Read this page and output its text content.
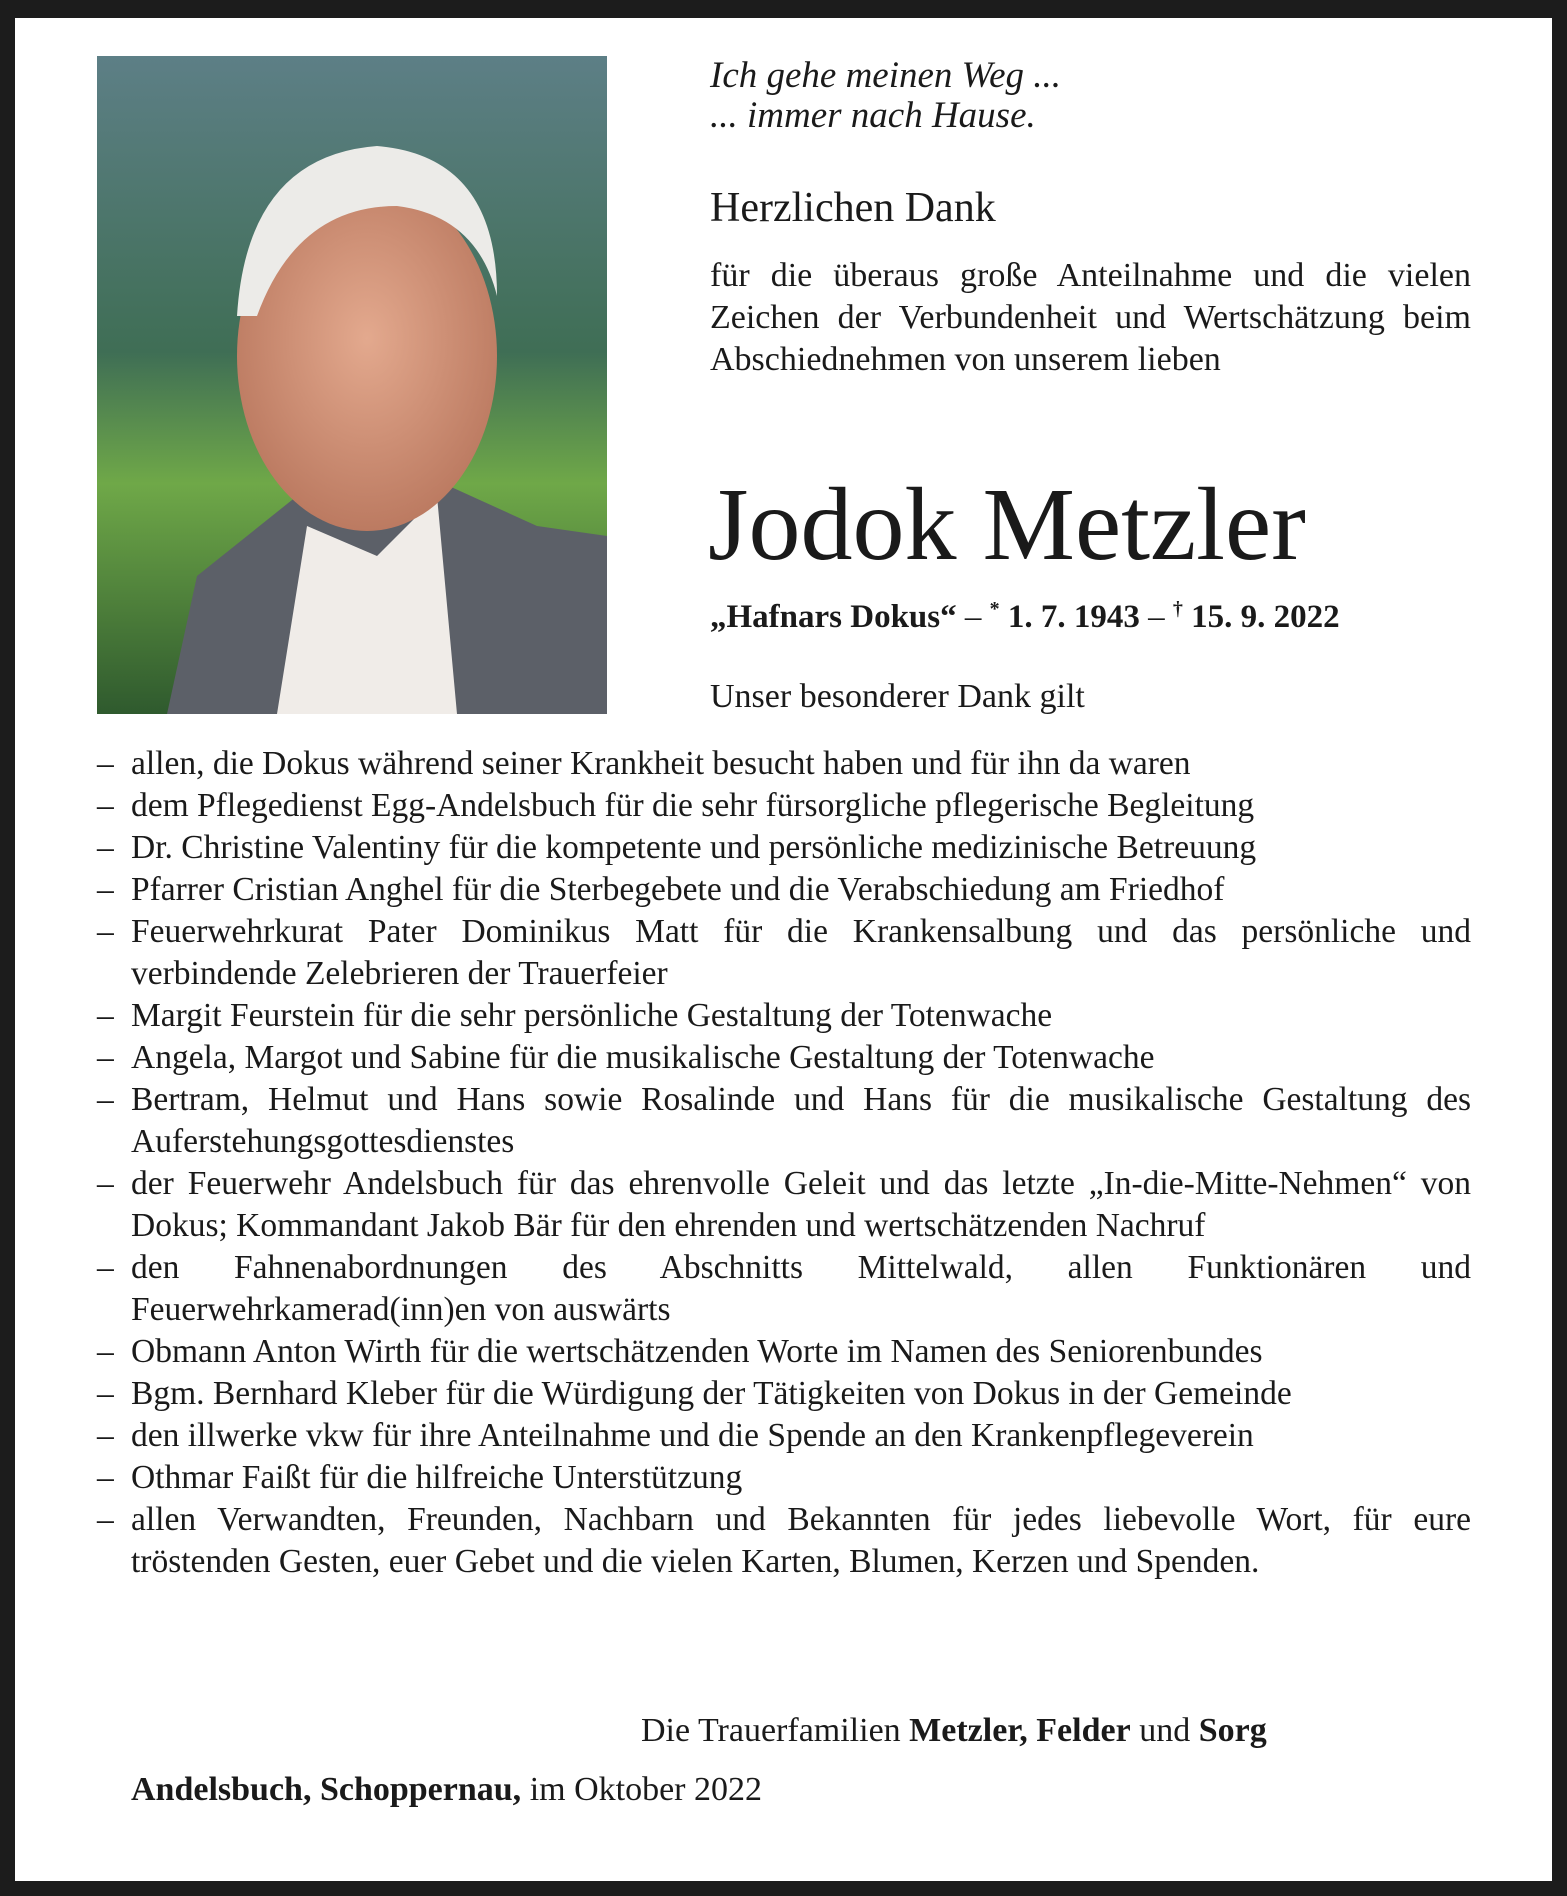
Ich gehe meinen Weg ...
... immer nach Hause.
Herzlichen Dank
für die überaus große Anteilnahme und die vielen Zeichen der Verbundenheit und Wertschätzung beim Abschiednehmen von unserem lieben
Jodok Metzler
„Hafnars Dokus“ – * 1. 7. 1943 – † 15. 9. 2022
Unser besonderer Dank gilt
– allen, die Dokus während seiner Krankheit besucht haben und für ihn da waren
– dem Pflegedienst Egg-Andelsbuch für die sehr fürsorgliche pflegerische Begleitung
– Dr. Christine Valentiny für die kompetente und persönliche medizinische Betreuung
– Pfarrer Cristian Anghel für die Sterbegebete und die Verabschiedung am Friedhof
– Feuerwehrkurat Pater Dominikus Matt für die Krankensalbung und das persönliche und verbindende Zelebrieren der Trauerfeier
– Margit Feurstein für die sehr persönliche Gestaltung der Totenwache
– Angela, Margot und Sabine für die musikalische Gestaltung der Totenwache
– Bertram, Helmut und Hans sowie Rosalinde und Hans für die musikalische Gestaltung des Auferstehungsgottesdienstes
– der Feuerwehr Andelsbuch für das ehrenvolle Geleit und das letzte „In-die-Mitte-Nehmen“ von Dokus; Kommandant Jakob Bär für den ehrenden und wertschätzenden Nachruf
– den Fahnenabordnungen des Abschnitts Mittelwald, allen Funktionären und Feuerwehrkamerad(inn)en von auswärts
– Obmann Anton Wirth für die wertschätzenden Worte im Namen des Seniorenbundes
– Bgm. Bernhard Kleber für die Würdigung der Tätigkeiten von Dokus in der Gemeinde
– den illwerke vkw für ihre Anteilnahme und die Spende an den Krankenpflegeverein
– Othmar Faißt für die hilfreiche Unterstützung
– allen Verwandten, Freunden, Nachbarn und Bekannten für jedes liebevolle Wort, für eure tröstenden Gesten, euer Gebet und die vielen Karten, Blumen, Kerzen und Spenden.
Die Trauerfamilien Metzler, Felder und Sorg
Andelsbuch, Schoppernau, im Oktober 2022
